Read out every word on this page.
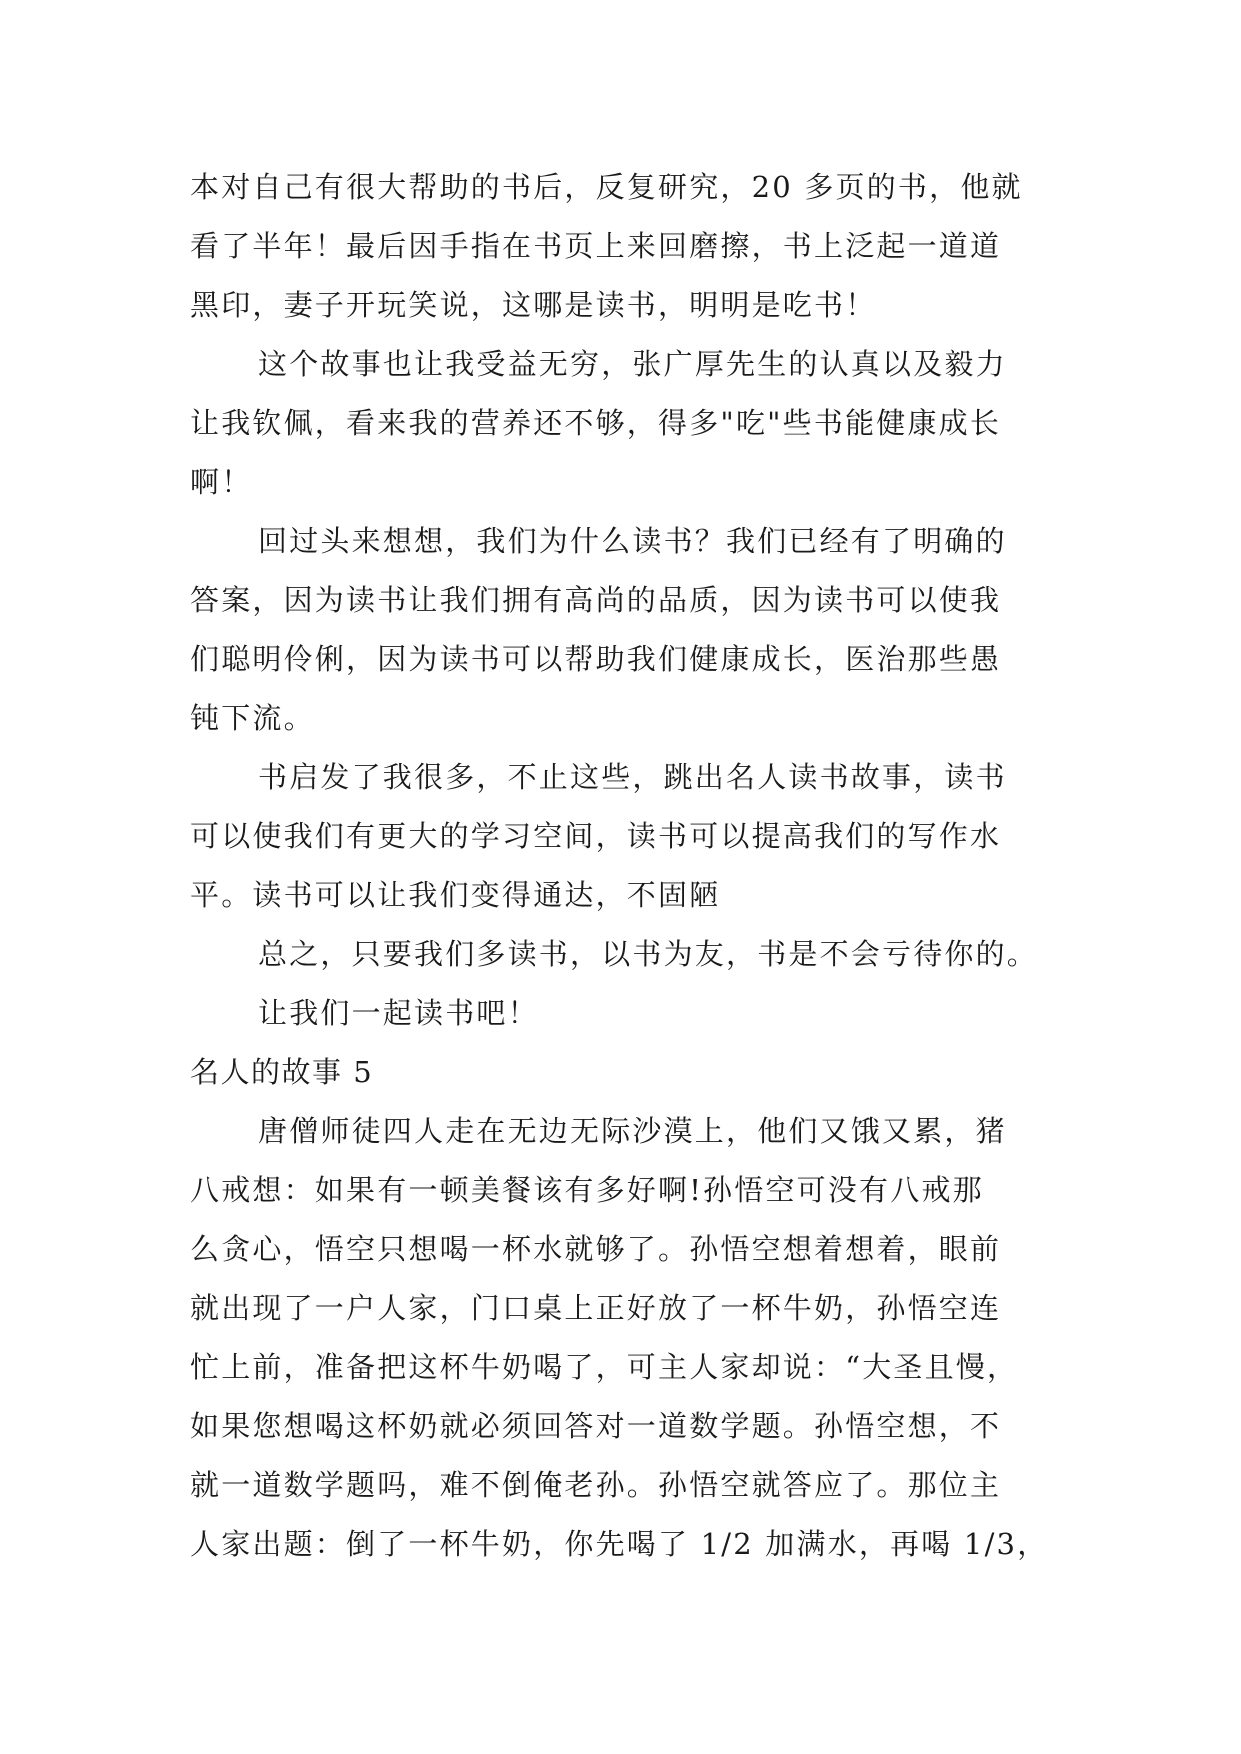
本对自己有很大帮助的书后，反复研究，20 多页的书，他就
看了半年！最后因手指在书页上来回磨擦，书上泛起一道道
黑印，妻子开玩笑说，这哪是读书，明明是吃书！
这个故事也让我受益无穷，张广厚先生的认真以及毅力
让我钦佩，看来我的营养还不够，得多"吃"些书能健康成长
啊！
回过头来想想，我们为什么读书？我们已经有了明确的
答案，因为读书让我们拥有高尚的品质，因为读书可以使我
们聪明伶俐，因为读书可以帮助我们健康成长，医治那些愚
钝下流。
书启发了我很多，不止这些，跳出名人读书故事，读书
可以使我们有更大的学习空间，读书可以提高我们的写作水
平。读书可以让我们变得通达，不固陋
总之，只要我们多读书，以书为友，书是不会亏待你的。
让我们一起读书吧！
名人的故事 5
唐僧师徒四人走在无边无际沙漠上，他们又饿又累，猪
八戒想：如果有一顿美餐该有多好啊!孙悟空可没有八戒那
么贪心，悟空只想喝一杯水就够了。孙悟空想着想着，眼前
就出现了一户人家，门口桌上正好放了一杯牛奶，孙悟空连
忙上前，准备把这杯牛奶喝了，可主人家却说：“大圣且慢，
如果您想喝这杯奶就必须回答对一道数学题。孙悟空想，不
就一道数学题吗，难不倒俺老孙。孙悟空就答应了。那位主
人家出题：倒了一杯牛奶，你先喝了 1/2 加满水，再喝 1/3，
